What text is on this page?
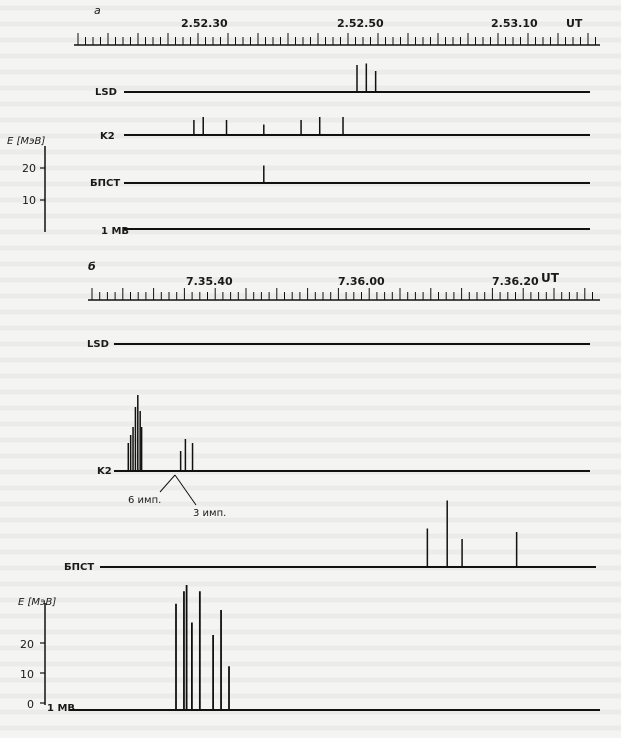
a
2.52.30	2.52.50	2.53.10	UT
LSD
K2
E [МэВ]
20
10
БПСТ
1 МВ
б
7.35.40	7.36.00	7.36.20 UT
LSD
K2
6 имп.
3 имп.
БПСТ
E [МэВ]
20
10
0 1 МВ
